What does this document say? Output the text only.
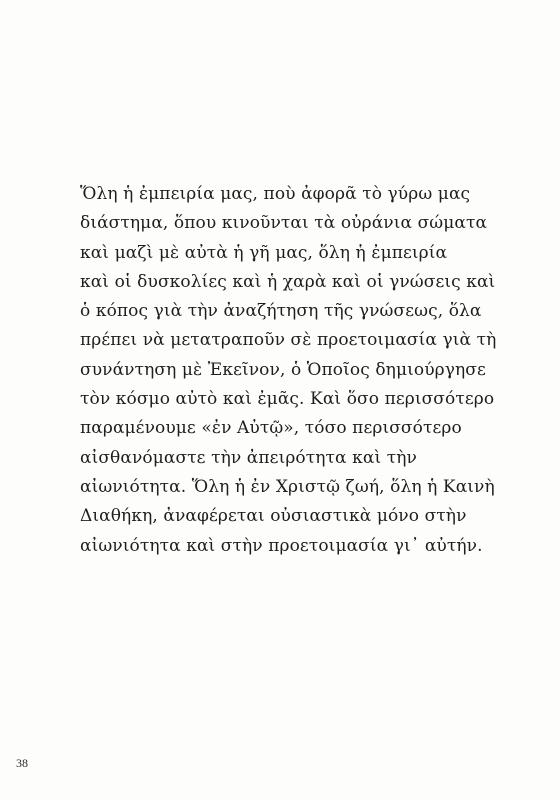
Ὅλη ἡ ἐμπειρία μας, ποὺ ἀφορᾶ τὸ γύρω μας
διάστημα, ὅπου κινοῦνται τὰ οὐράνια σώματα
καὶ μαζὶ μὲ αὐτὰ ἡ γῆ μας, ὅλη ἡ ἐμπειρία
καὶ οἱ δυσκολίες καὶ ἡ χαρὰ καὶ οἱ γνώσεις καὶ
ὁ κόπος γιὰ τὴν ἀναζήτηση τῆς γνώσεως, ὅλα
πρέπει νὰ μετατραποῦν σὲ προετοιμασία γιὰ τὴ
συνάντηση μὲ Ἐκεῖνον, ὁ Ὁποῖος δημιούργησε
τὸν κόσμο αὐτὸ καὶ ἐμᾶς. Καὶ ὅσο περισσότερο
παραμένουμε «ἐν Αὐτῷ», τόσο περισσότερο
αἰσθανόμαστε τὴν ἀπειρότητα καὶ τὴν
αἰωνιότητα. Ὅλη ἡ ἐν Χριστῷ ζωή, ὅλη ἡ Καινὴ
Διαθήκη, ἀναφέρεται οὐσιαστικὰ μόνο στὴν
αἰωνιότητα καὶ στὴν προετοιμασία γι᾽ αὐτήν.
38
